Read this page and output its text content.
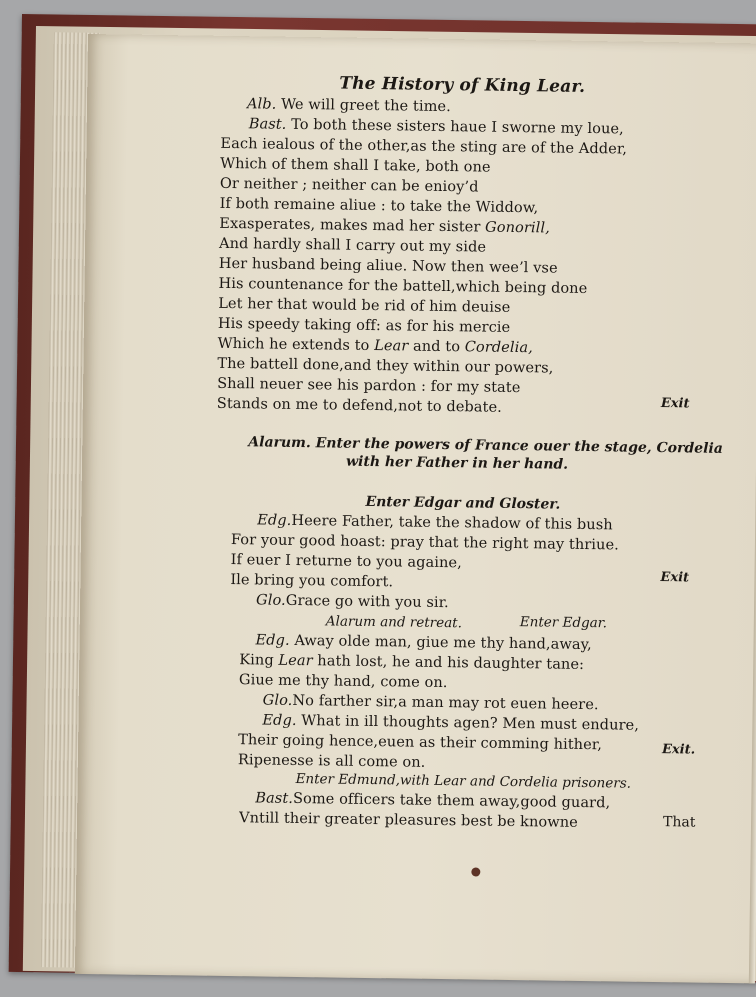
The History of King Lear.
Alb. We will greet the time.
Bast. To both these sisters haue I sworne my loue,
Each iealous of the other,as the sting are of the Adder,
Which of them shall I take, both one
Or neither ; neither can be enioy’d
If both remaine aliue : to take the Widdow,
Exasperates, makes mad her sister Gonorill,
And hardly shall I carry out my side
Her husband being aliue. Now then wee’l vse
His countenance for the battell,which being done
Let her that would be rid of him deuise
His speedy taking off: as for his mercie
Which he extends to Lear and to Cordelia,
The battell done,and they within our powers,
Shall neuer see his pardon : for my state
Stands on me to defend,not to debate.	Exit
Alarum. Enter the powers of France ouer the stage, Cordelia
with her Father in her hand.
Enter Edgar and Gloster.
Edg.Heere Father, take the shadow of this bush
For your good hoast: pray that the right may thriue.
If euer I returne to you againe,
Ile bring you comfort.	Exit
Glo.Grace go with you sir.
Alarum and retreat.	Enter Edgar.
Edg. Away olde man, giue me thy hand,away,
King Lear hath lost, he and his daughter tane:
Giue me thy hand, come on.
Glo.No farther sir,a man may rot euen heere.
Edg. What in ill thoughts agen? Men must endure,
Their going hence,euen as their comming hither,
Ripenesse is all come on.
Exit.
Enter Edmund,with Lear and Cordelia prisoners.
Bast.Some officers take them away,good guard,
Vntill their greater pleasures best be knowne	That
